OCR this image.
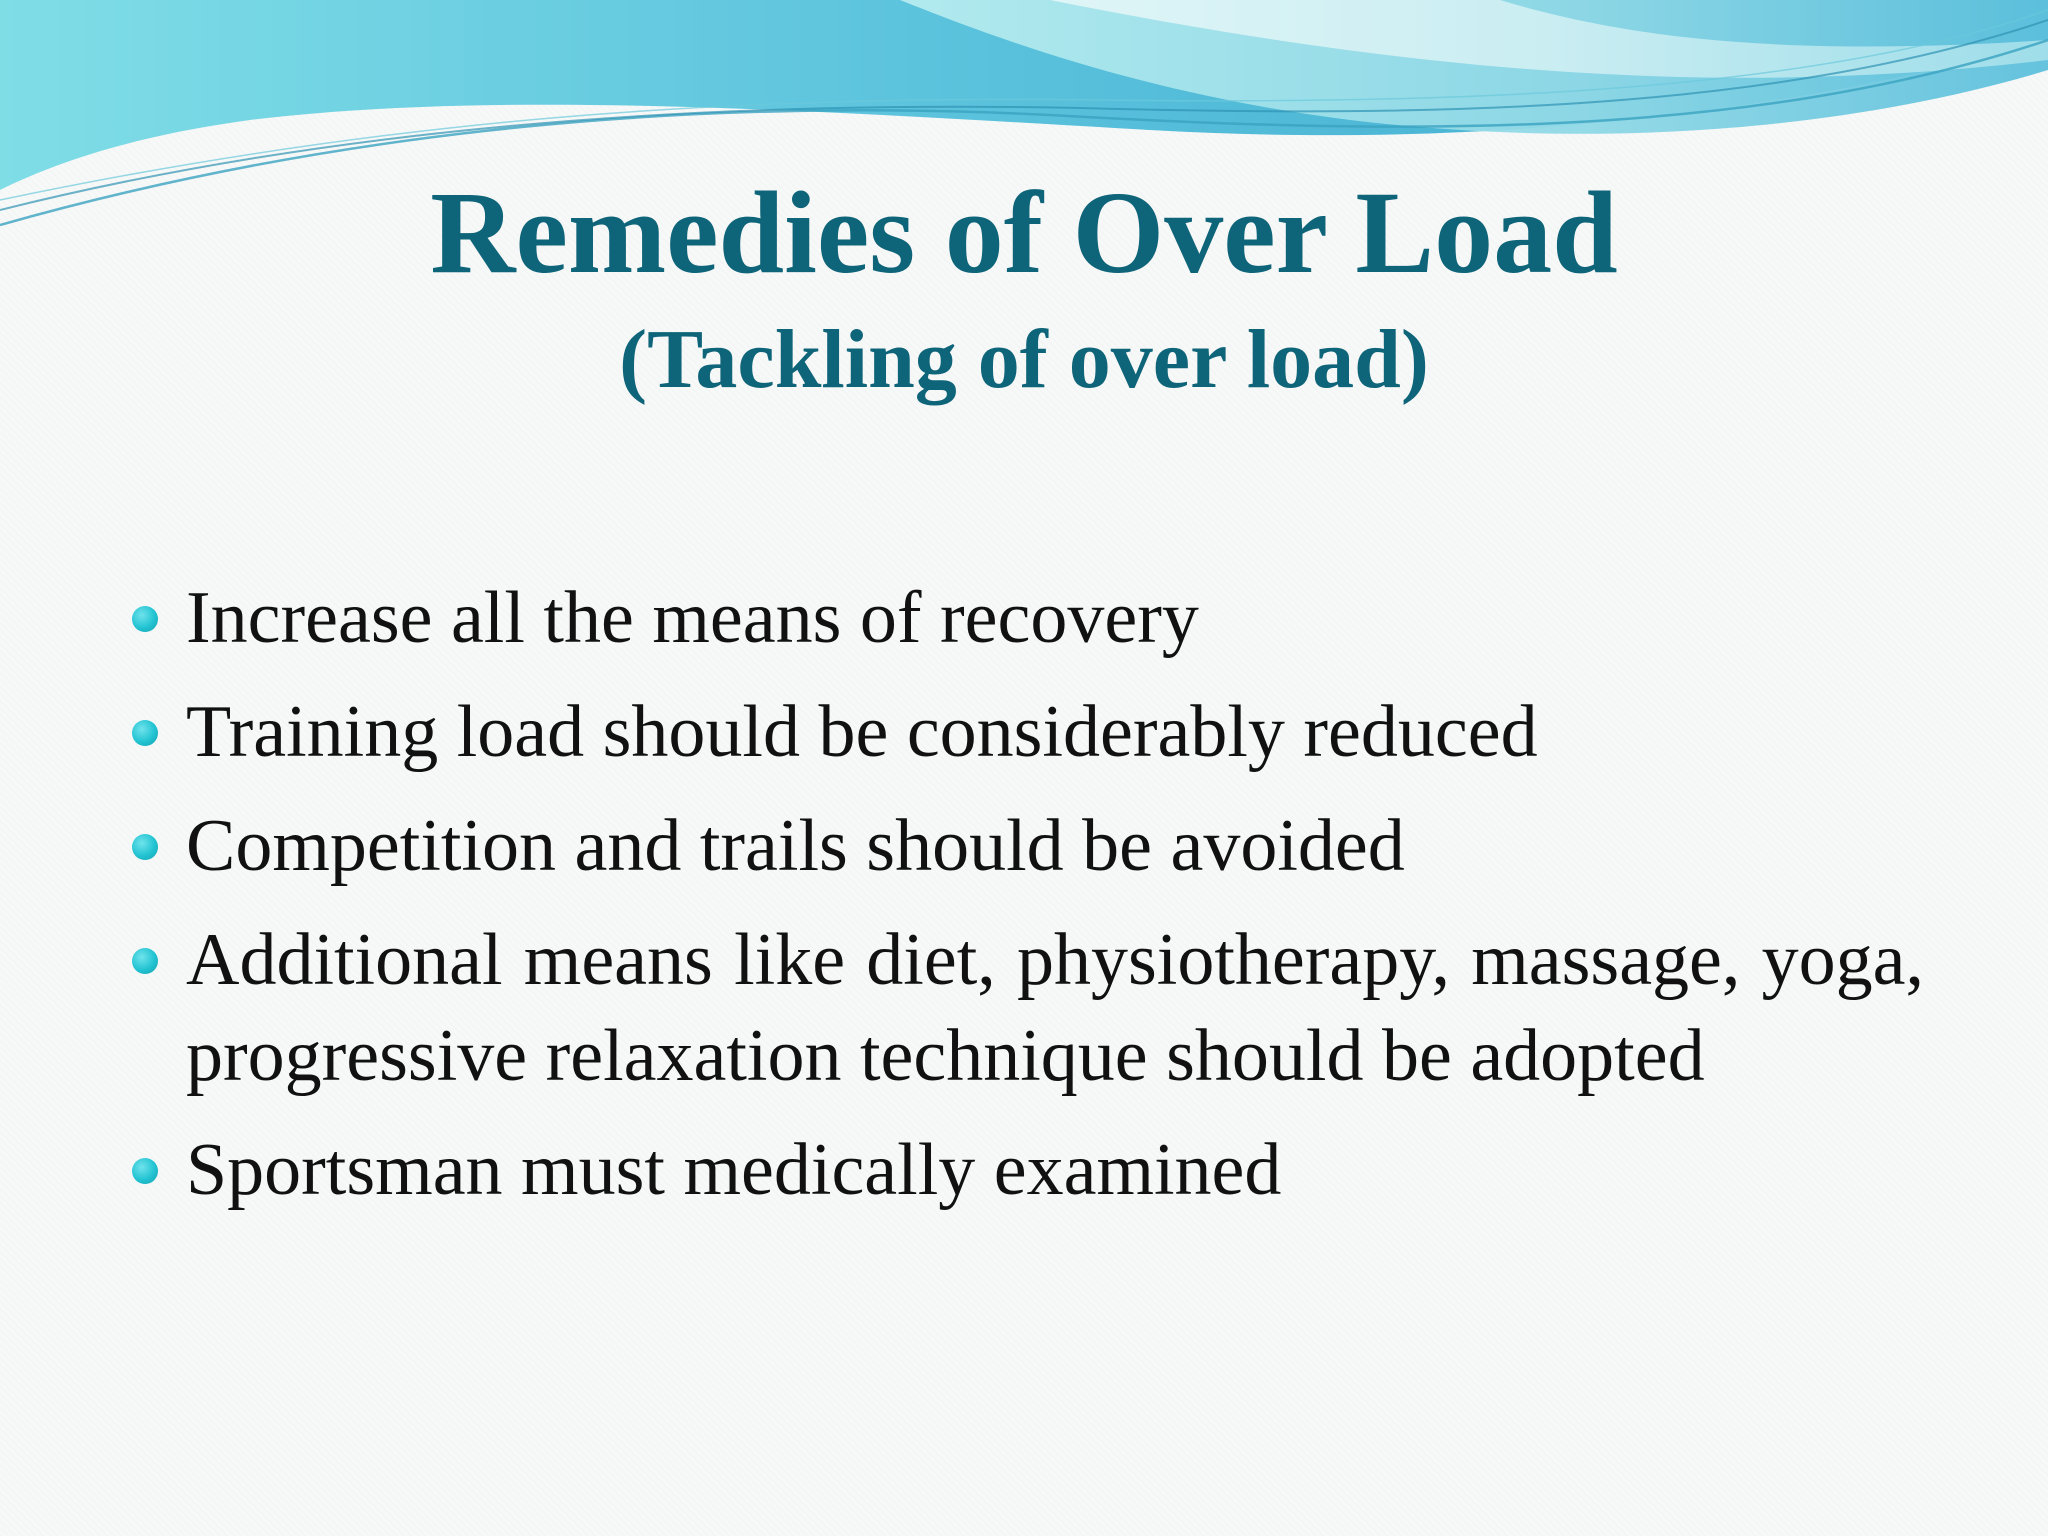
Remedies of Over Load
(Tackling of over load)
Increase all the means of recovery
Training load should be considerably reduced
Competition and trails should be avoided
Additional means like diet, physiotherapy, massage, yoga, progressive relaxation technique should be adopted
Sportsman must medically examined
